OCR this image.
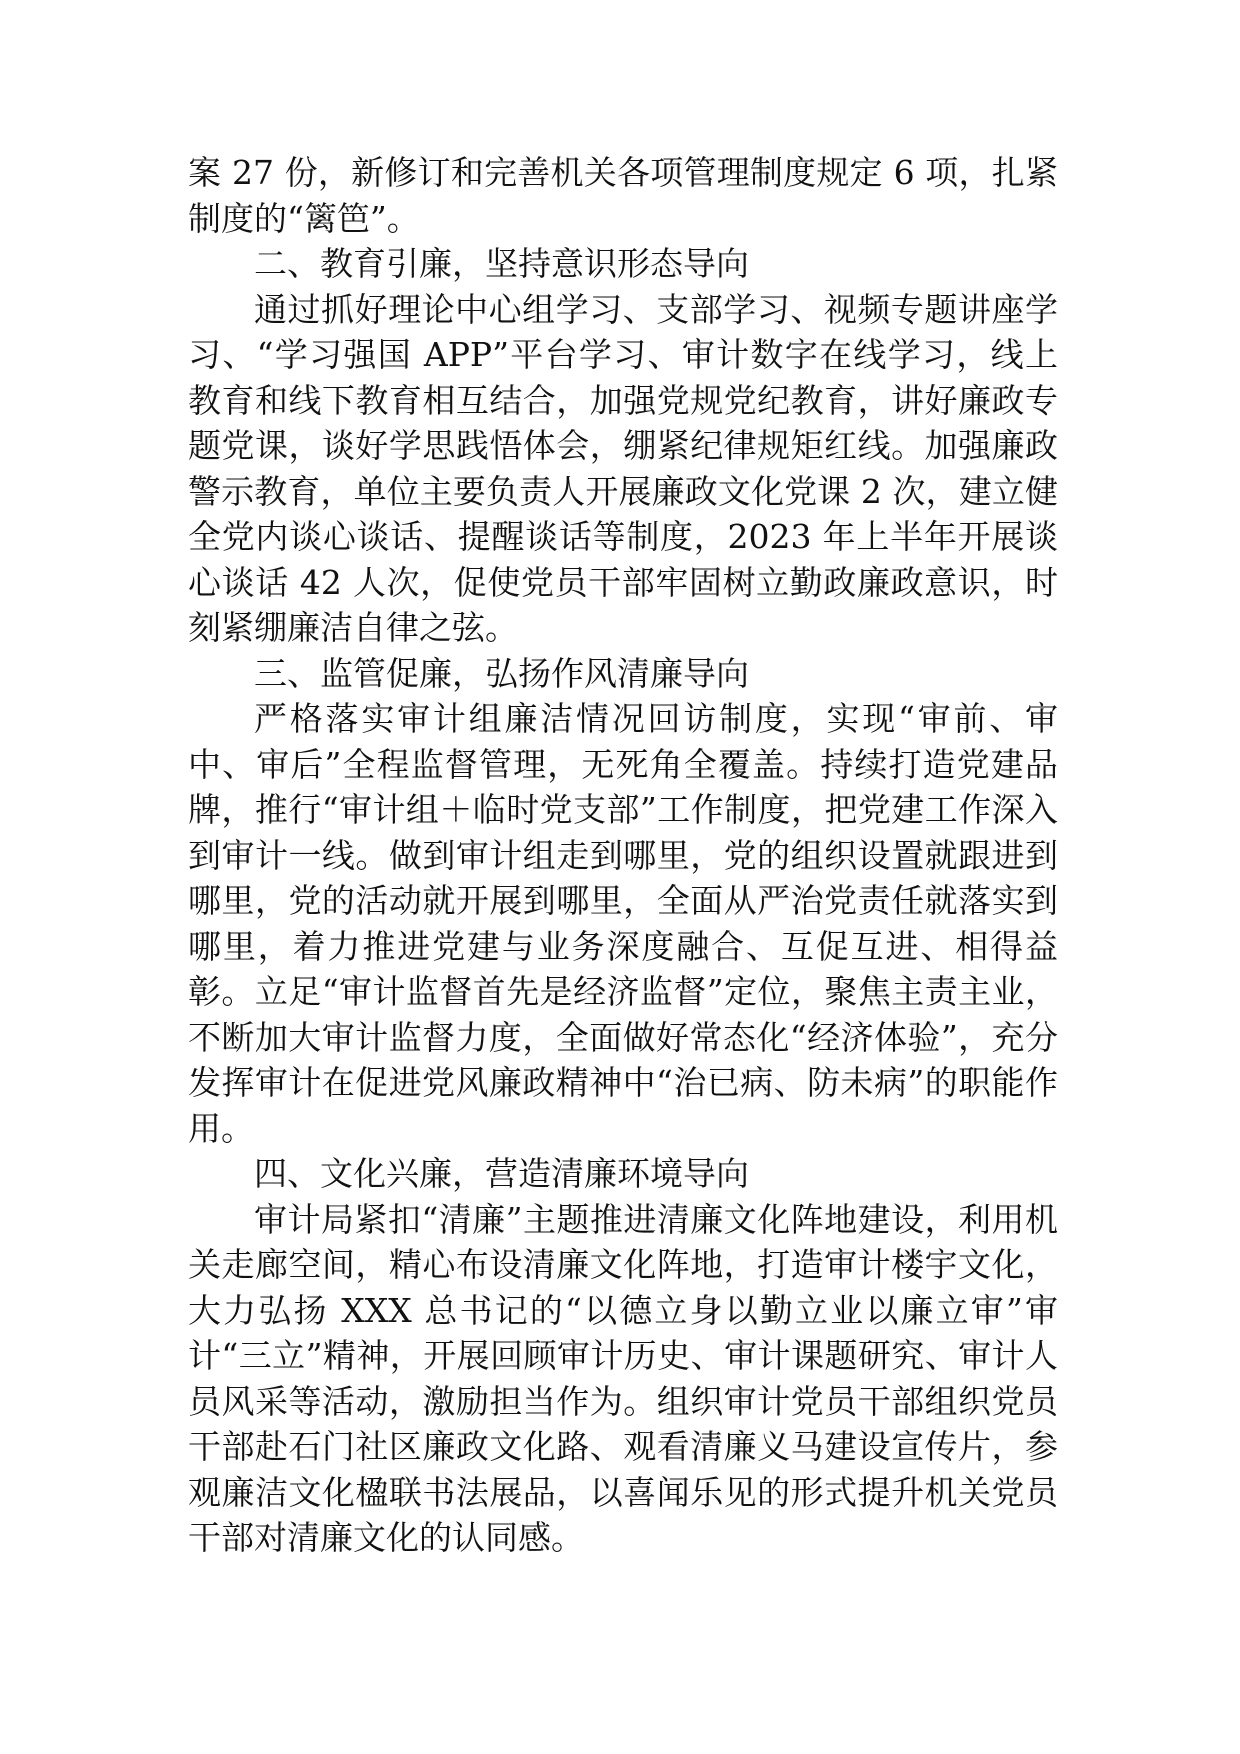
案 27 份，新修订和完善机关各项管理制度规定 6 项，扎紧制度的“篱笆”。

二、教育引廉，坚持意识形态导向

通过抓好理论中心组学习、支部学习、视频专题讲座学习、“学习强国 APP”平台学习、审计数字在线学习，线上教育和线下教育相互结合，加强党规党纪教育，讲好廉政专题党课，谈好学思践悟体会，绷紧纪律规矩红线。加强廉政警示教育，单位主要负责人开展廉政文化党课 2 次，建立健全党内谈心谈话、提醒谈话等制度，2023 年上半年开展谈心谈话 42 人次，促使党员干部牢固树立勤政廉政意识，时刻紧绷廉洁自律之弦。

三、监管促廉，弘扬作风清廉导向

严格落实审计组廉洁情况回访制度，实现“审前、审中、审后”全程监督管理，无死角全覆盖。持续打造党建品牌，推行“审计组＋临时党支部”工作制度，把党建工作深入到审计一线。做到审计组走到哪里，党的组织设置就跟进到哪里，党的活动就开展到哪里，全面从严治党责任就落实到哪里，着力推进党建与业务深度融合、互促互进、相得益彰。立足“审计监督首先是经济监督”定位，聚焦主责主业，不断加大审计监督力度，全面做好常态化“经济体验”，充分发挥审计在促进党风廉政精神中“治已病、防未病”的职能作用。

四、文化兴廉，营造清廉环境导向

审计局紧扣“清廉”主题推进清廉文化阵地建设，利用机关走廊空间，精心布设清廉文化阵地，打造审计楼宇文化，大力弘扬 XXX 总书记的“以德立身以勤立业以廉立审”审计“三立”精神，开展回顾审计历史、审计课题研究、审计人员风采等活动，激励担当作为。组织审计党员干部组织党员干部赴石门社区廉政文化路、观看清廉义马建设宣传片，参观廉洁文化楹联书法展品，以喜闻乐见的形式提升机关党员干部对清廉文化的认同感。
